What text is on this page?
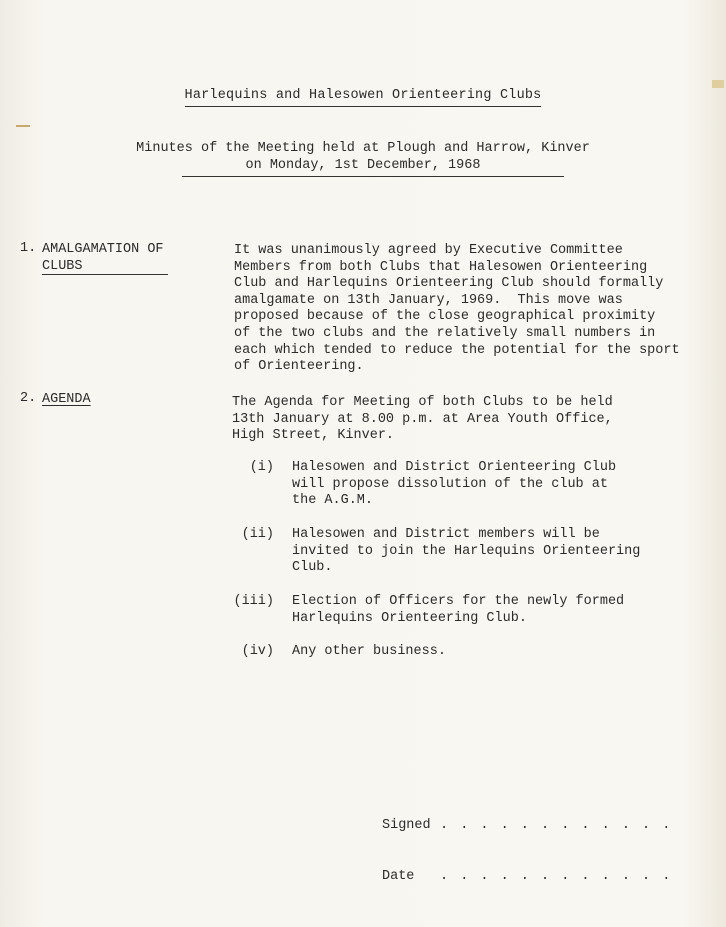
Harlequins and Halesowen Orienteering Clubs
Minutes of the Meeting held at Plough and Harrow, Kinver
on Monday, 1st December, 1968
1. AMALGAMATION OF
CLUBS
It was unanimously agreed by Executive Committee
Members from both Clubs that Halesowen Orienteering
Club and Harlequins Orienteering Club should formally
amalgamate on 13th January, 1969.  This move was
proposed because of the close geographical proximity
of the two clubs and the relatively small numbers in
each which tended to reduce the potential for the sport
of Orienteering.
2. AGENDA	The Agenda for Meeting of both Clubs to be held
13th January at 8.00 p.m. at Area Youth Office,
High Street, Kinver.
(i) Halesowen and District Orienteering Club
will propose dissolution of the club at
the A.G.M.
(ii) Halesowen and District members will be
invited to join the Harlequins Orienteering
Club.
(iii) Election of Officers for the newly formed
Harlequins Orienteering Club.
(iv) Any other business.
Signed . . . . . . . . . . . .
Date . . . . . . . . . . . .
